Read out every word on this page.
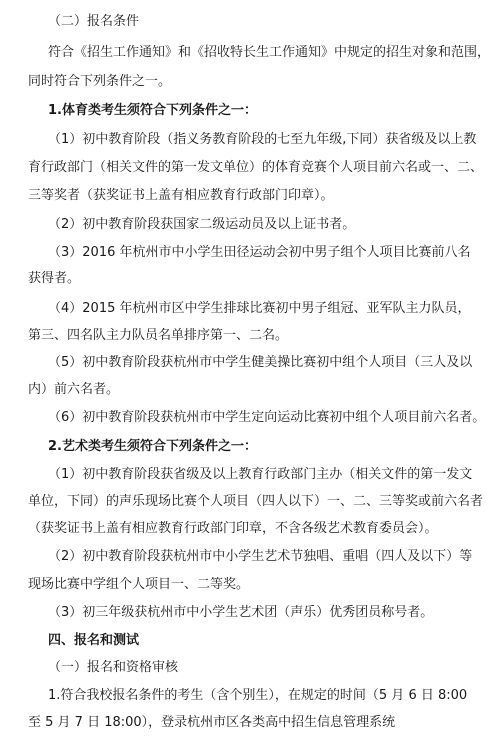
（二）报名条件
符合《招生工作通知》和《招收特长生工作通知》中规定的招生对象和范围，
同时符合下列条件之一。
1.体育类考生须符合下列条件之一：
（1）初中教育阶段（指义务教育阶段的七至九年级,下同）获省级及以上教
育行政部门（相关文件的第一发文单位）的体育竞赛个人项目前六名或一、二、
三等奖者（获奖证书上盖有相应教育行政部门印章）。
（2）初中教育阶段获国家二级运动员及以上证书者。
（3）2016 年杭州市中小学生田径运动会初中男子组个人项目比赛前八名
获得者。
（4）2015 年杭州市区中学生排球比赛初中男子组冠、亚军队主力队员，
第三、四名队主力队员名单排序第一、二名。
（5）初中教育阶段获杭州市中学生健美操比赛初中组个人项目（三人及以
内）前六名者。
（6）初中教育阶段获杭州市中学生定向运动比赛初中组个人项目前六名者。
2.艺术类考生须符合下列条件之一：
（1）初中教育阶段获省级及以上教育行政部门主办（相关文件的第一发文
单位，下同）的声乐现场比赛个人项目（四人以下）一、二、三等奖或前六名者
（获奖证书上盖有相应教育行政部门印章，不含各级艺术教育委员会）。
（2）初中教育阶段获杭州市中小学生艺术节独唱、重唱（四人及以下）等
现场比赛中学组个人项目一、二等奖。
（3）初三年级获杭州市中小学生艺术团（声乐）优秀团员称号者。
四、报名和测试
（一）报名和资格审核
1.符合我校报名条件的考生（含个别生），在规定的时间（5 月 6 日 8:00
至 5 月 7 日 18:00），登录杭州市区各类高中招生信息管理系统
